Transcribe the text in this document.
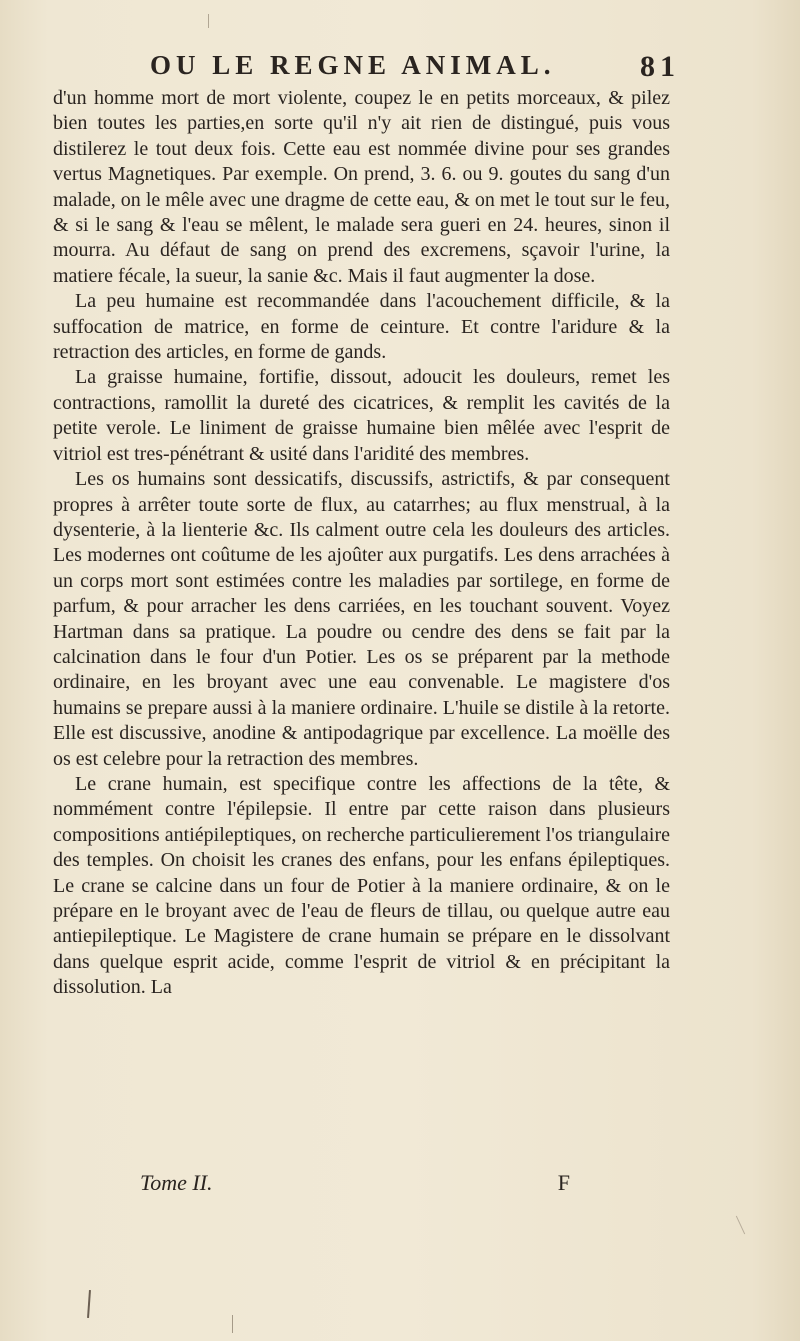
OU LE REGNE ANIMAL.	81

d'un homme mort de mort violente, coupez le en petits morceaux, & pilez bien toutes les parties,en sorte qu'il n'y ait rien de distingué, puis vous distilerez le tout deux fois. Cette eau est nommée divine pour ses grandes vertus Magnetiques. Par exemple. On prend, 3. 6. ou 9. goutes du sang d'un malade, on le mêle avec une dragme de cette eau, & on met le tout sur le feu, & si le sang & l'eau se mêlent, le malade sera gueri en 24. heures, sinon il mourra. Au défaut de sang on prend des excremens, sçavoir l'urine, la matiere fécale, la sueur, la sanie &c. Mais il faut augmenter la dose.

La peu humaine est recommandée dans l'acouchement difficile, & la suffocation de matrice, en forme de ceinture. Et contre l'aridure & la retraction des articles, en forme de gands.

La graisse humaine, fortifie, dissout, adoucit les douleurs, remet les contractions, ramollit la dureté des cicatrices, & remplit les cavités de la petite verole. Le liniment de graisse humaine bien mêlée avec l'esprit de vitriol est tres-pénétrant & usité dans l'aridité des membres.

Les os humains sont dessicatifs, discussifs, astrictifs, & par consequent propres à arrêter toute sorte de flux, au catarrhes; au flux menstrual, à la dysenterie, à la lienterie &c. Ils calment outre cela les douleurs des articles. Les modernes ont coûtume de les ajoûter aux purgatifs. Les dens arrachées à un corps mort sont estimées contre les maladies par sortilege, en forme de parfum, & pour arracher les dens carriées, en les touchant souvent. Voyez Hartman dans sa pratique. La poudre ou cendre des dens se fait par la calcination dans le four d'un Potier. Les os se préparent par la methode ordinaire, en les broyant avec une eau convenable. Le magistere d'os humains se prepare aussi à la maniere ordinaire. L'huile se distile à la retorte. Elle est discussive, anodine & antipodagrique par excellence. La moëlle des os est celebre pour la retraction des membres.

Le crane humain, est specifique contre les affections de la tête, & nommément contre l'épilepsie. Il entre par cette raison dans plusieurs compositions antiépileptiques, on recherche particulierement l'os triangulaire des temples. On choisit les cranes des enfans, pour les enfans épileptiques. Le crane se calcine dans un four de Potier à la maniere ordinaire, & on le prépare en le broyant avec de l'eau de fleurs de tillau, ou quelque autre eau antiepileptique. Le Magistere de crane humain se prépare en le dissolvant dans quelque esprit acide, comme l'esprit de vitriol & en précipitant la dissolution. La

Tome II.	F
